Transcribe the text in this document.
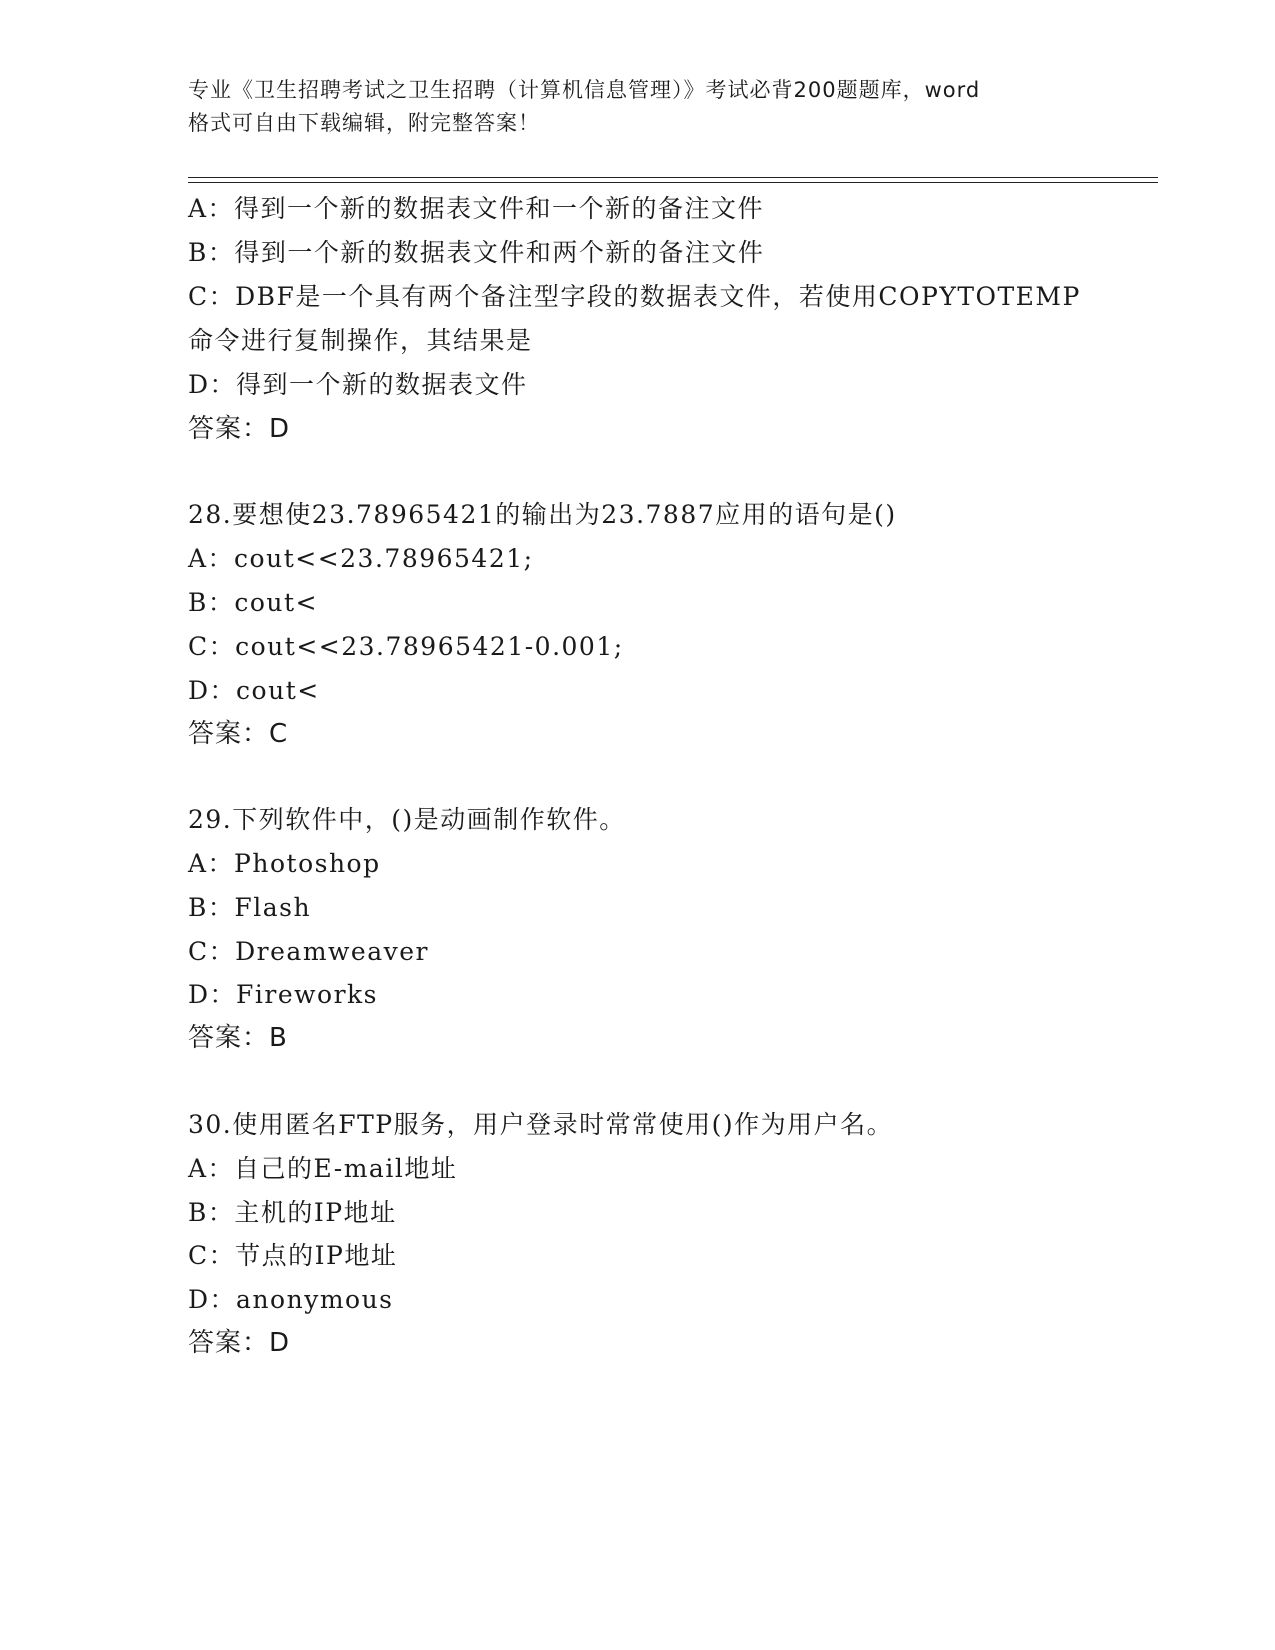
专业《卫生招聘考试之卫生招聘（计算机信息管理）》考试必背200题题库，word
格式可自由下载编辑，附完整答案！
A：得到一个新的数据表文件和一个新的备注文件
B：得到一个新的数据表文件和两个新的备注文件
C：DBF是一个具有两个备注型字段的数据表文件，若使用COPYTOTEMP
命令进行复制操作，其结果是
D：得到一个新的数据表文件
答案：D
28.要想使23.78965421的输出为23.7887应用的语句是()
A：cout<<23.78965421;
B：cout<
C：cout<<23.78965421-0.001;
D：cout<
答案：C
29.下列软件中，()是动画制作软件。
A：Photoshop
B：Flash
C：Dreamweaver
D：Fireworks
答案：B
30.使用匿名FTP服务，用户登录时常常使用()作为用户名。
A：自己的E-mail地址
B：主机的IP地址
C：节点的IP地址
D：anonymous
答案：D
